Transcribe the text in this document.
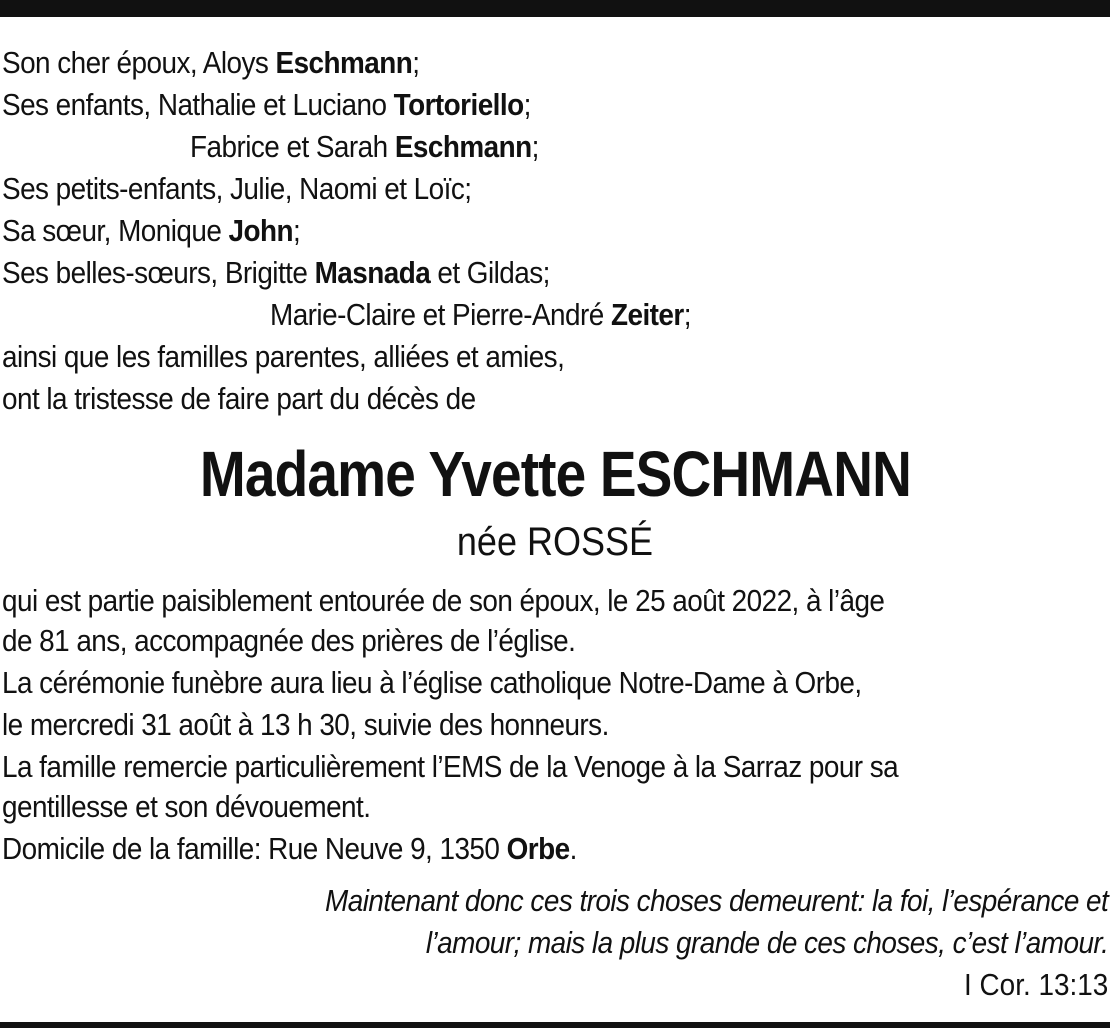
Son cher époux, Aloys Eschmann;
Ses enfants, Nathalie et Luciano Tortoriello;
Fabrice et Sarah Eschmann;
Ses petits-enfants, Julie, Naomi et Loïc;
Sa sœur, Monique John;
Ses belles-sœurs, Brigitte Masnada et Gildas;
Marie-Claire et Pierre-André Zeiter;
ainsi que les familles parentes, alliées et amies,
ont la tristesse de faire part du décès de
Madame Yvette ESCHMANN
née ROSSÉ
qui est partie paisiblement entourée de son époux, le 25 août 2022, à l’âge
de 81 ans, accompagnée des prières de l’église.
La cérémonie funèbre aura lieu à l’église catholique Notre-Dame à Orbe,
le mercredi 31 août à 13 h 30, suivie des honneurs.
La famille remercie particulièrement l’EMS de la Venoge à la Sarraz pour sa
gentillesse et son dévouement.
Domicile de la famille: Rue Neuve 9, 1350 Orbe.
Maintenant donc ces trois choses demeurent: la foi, l’espérance et
l’amour; mais la plus grande de ces choses, c’est l’amour.
I Cor. 13:13
